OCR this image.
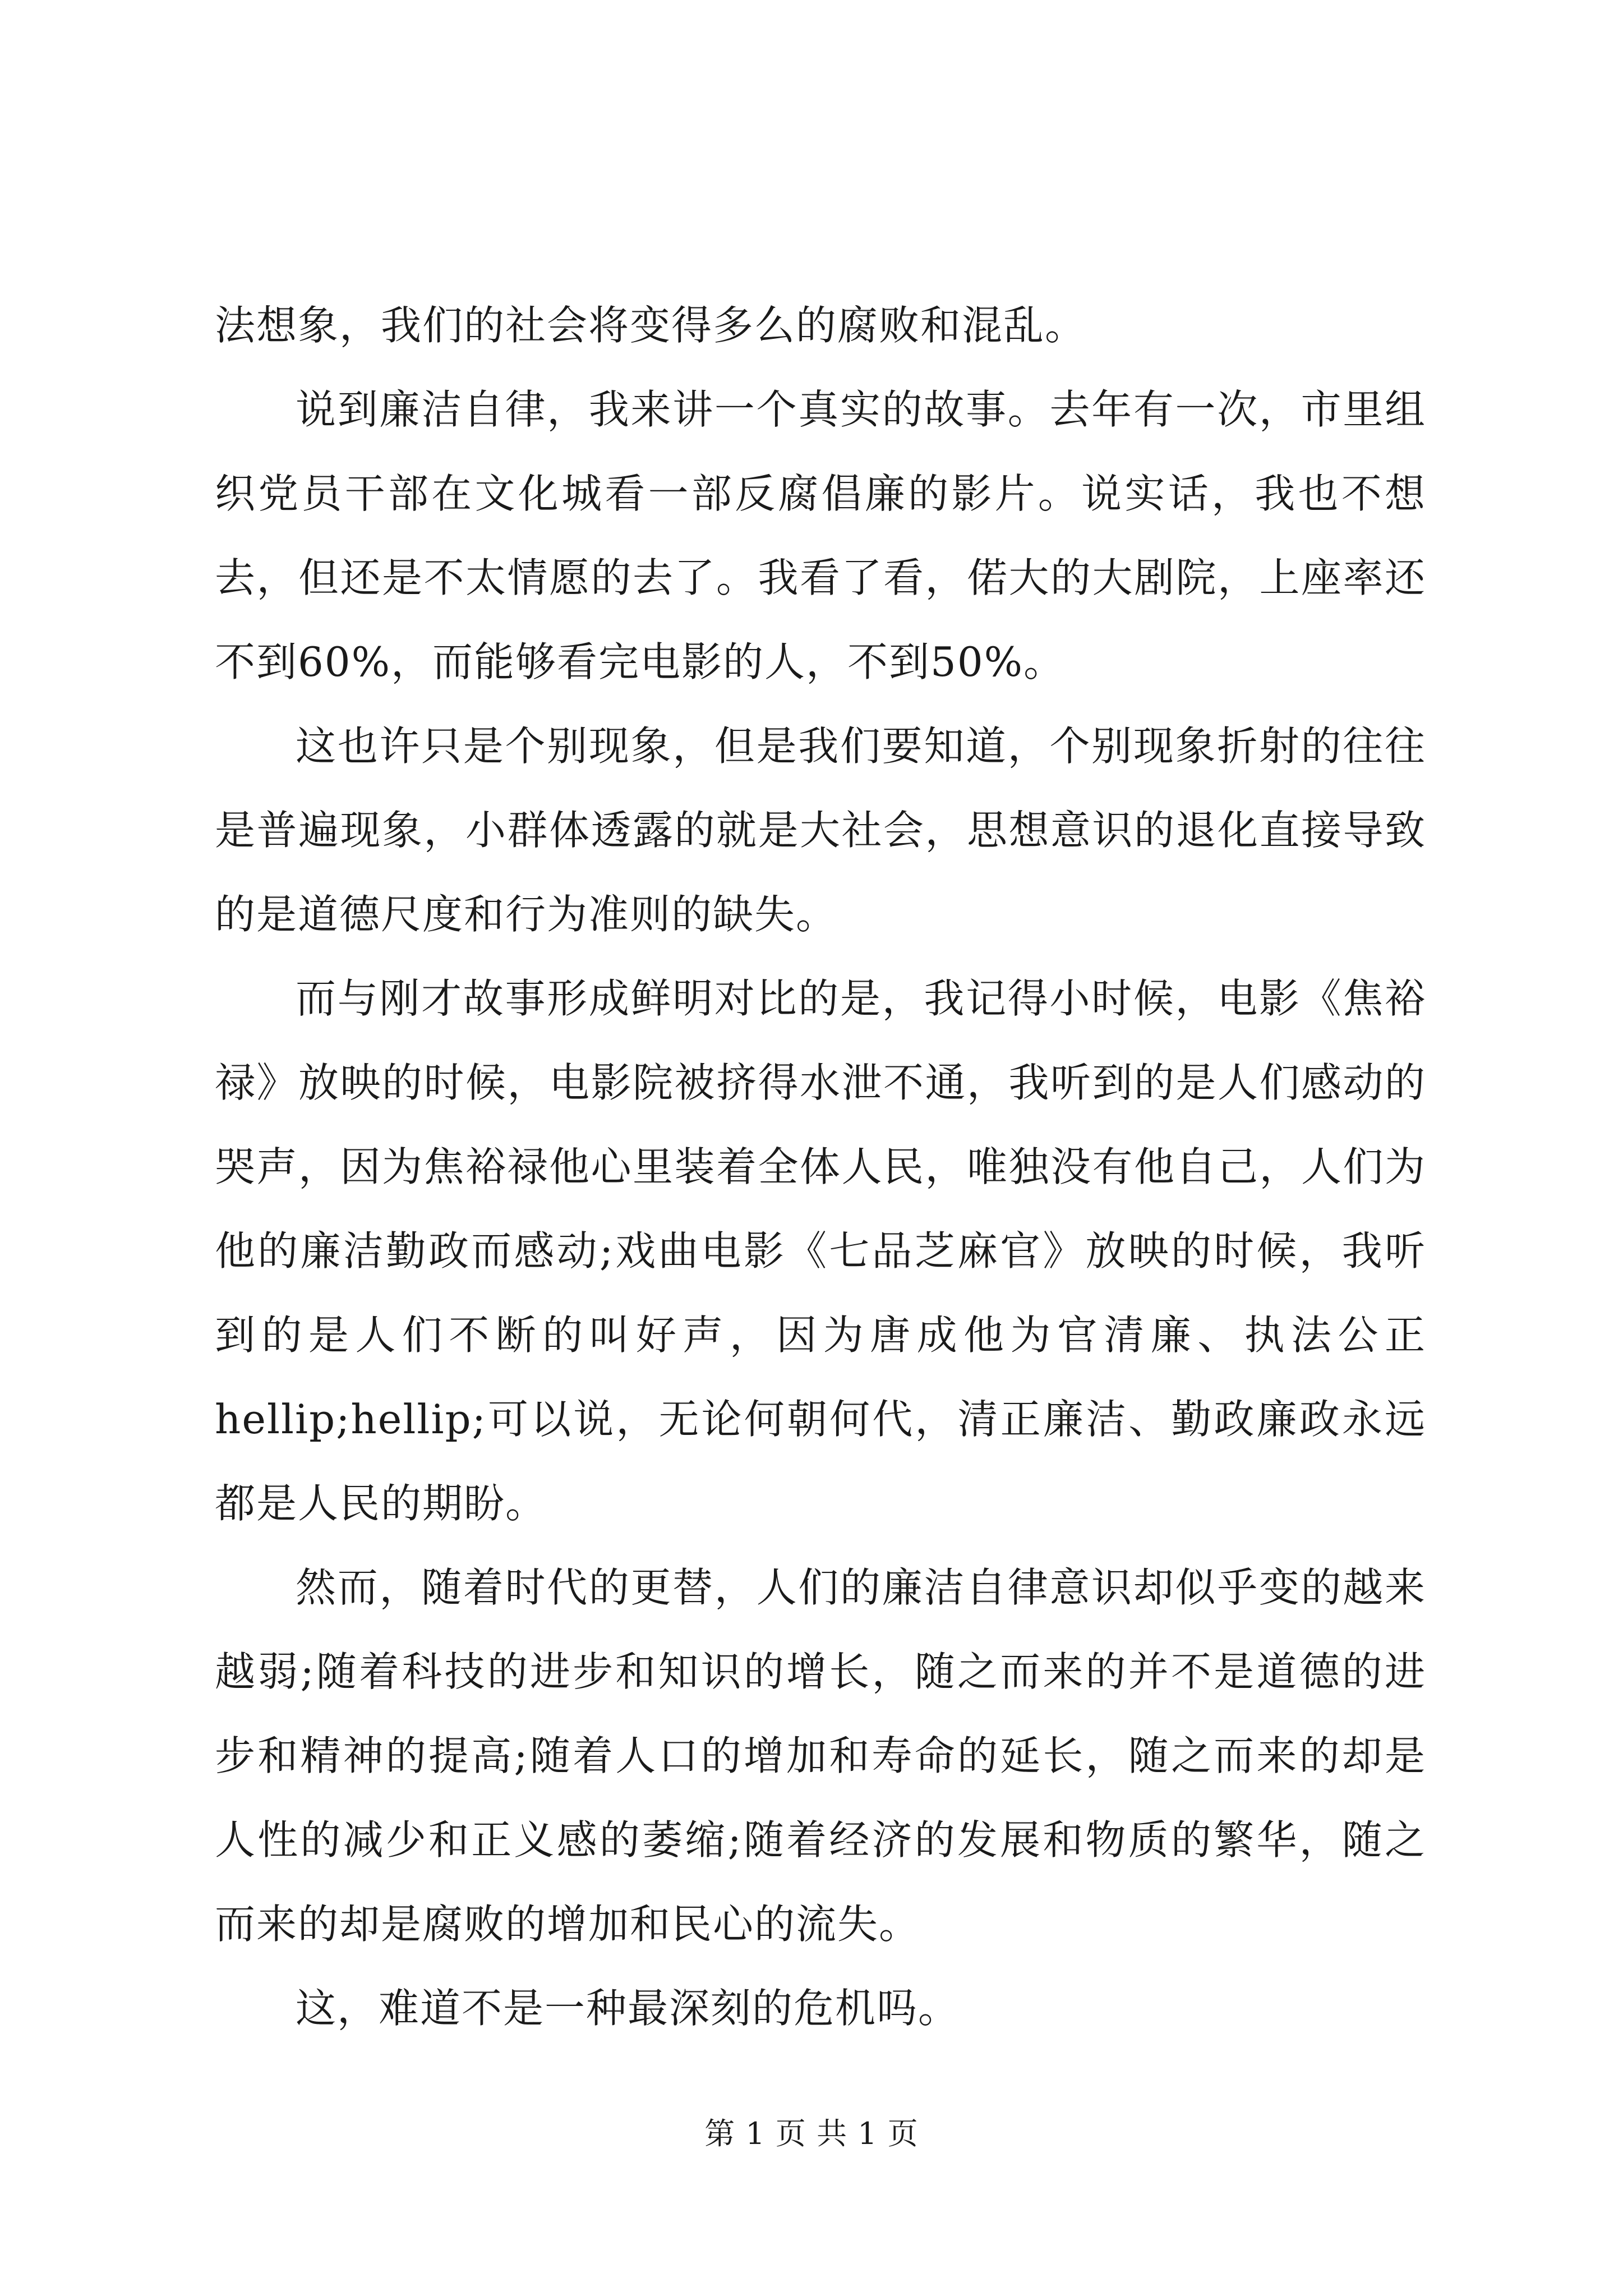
法想象，我们的社会将变得多么的腐败和混乱。

说到廉洁自律，我来讲一个真实的故事。去年有一次，市里组织党员干部在文化城看一部反腐倡廉的影片。说实话，我也不想去，但还是不太情愿的去了。我看了看，偌大的大剧院，上座率还不到60%，而能够看完电影的人，不到50%。

这也许只是个别现象，但是我们要知道，个别现象折射的往往是普遍现象，小群体透露的就是大社会，思想意识的退化直接导致的是道德尺度和行为准则的缺失。

而与刚才故事形成鲜明对比的是，我记得小时候，电影《焦裕禄》放映的时候，电影院被挤得水泄不通，我听到的是人们感动的哭声，因为焦裕禄他心里装着全体人民，唯独没有他自己，人们为他的廉洁勤政而感动;戏曲电影《七品芝麻官》放映的时候，我听到的是人们不断的叫好声，因为唐成他为官清廉、执法公正 hellip;hellip;可以说，无论何朝何代，清正廉洁、勤政廉政永远都是人民的期盼。

然而，随着时代的更替，人们的廉洁自律意识却似乎变的越来越弱;随着科技的进步和知识的增长，随之而来的并不是道德的进步和精神的提高;随着人口的增加和寿命的延长，随之而来的却是人性的减少和正义感的萎缩;随着经济的发展和物质的繁华，随之而来的却是腐败的增加和民心的流失。

这，难道不是一种最深刻的危机吗。

第 1 页 共 1 页
